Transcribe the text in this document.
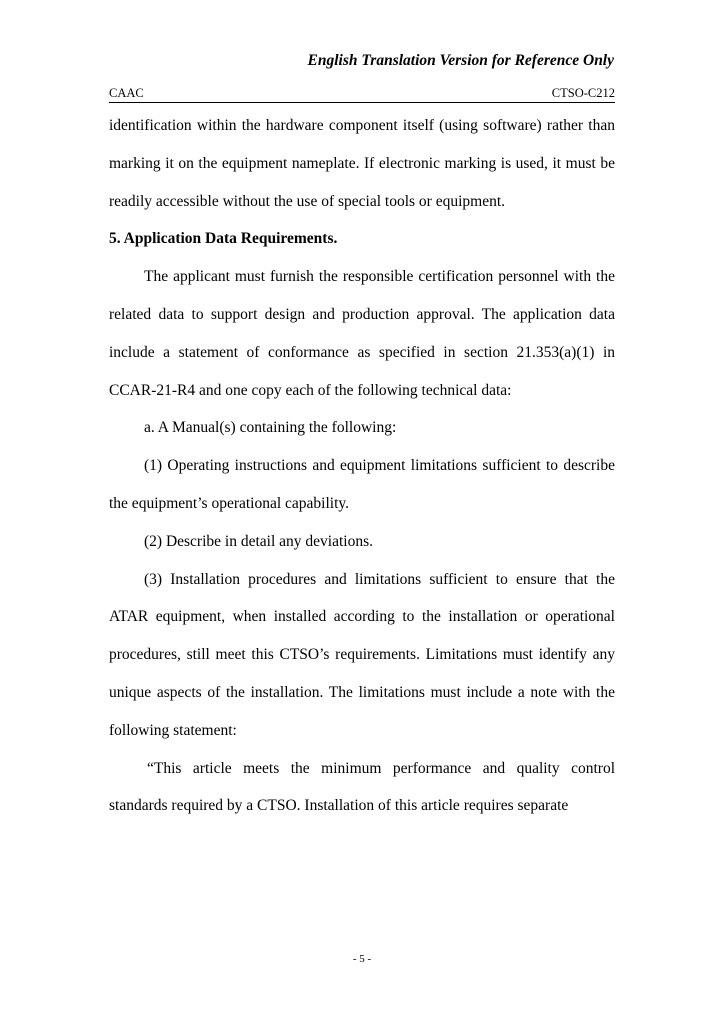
English Translation Version for Reference Only
CAAC	CTSO-C212

identification within the hardware component itself (using software) rather than marking it on the equipment nameplate. If electronic marking is used, it must be readily accessible without the use of special tools or equipment.

5. Application Data Requirements.

The applicant must furnish the responsible certification personnel with the related data to support design and production approval. The application data include a statement of conformance as specified in section 21.353(a)(1) in CCAR-21-R4 and one copy each of the following technical data:

a. A Manual(s) containing the following:

(1) Operating instructions and equipment limitations sufficient to describe the equipment’s operational capability.

(2) Describe in detail any deviations.

(3) Installation procedures and limitations sufficient to ensure that the ATAR equipment, when installed according to the installation or operational procedures, still meet this CTSO’s requirements. Limitations must identify any unique aspects of the installation. The limitations must include a note with the following statement:

“This article meets the minimum performance and quality control standards required by a CTSO. Installation of this article requires separate

- 5 -
